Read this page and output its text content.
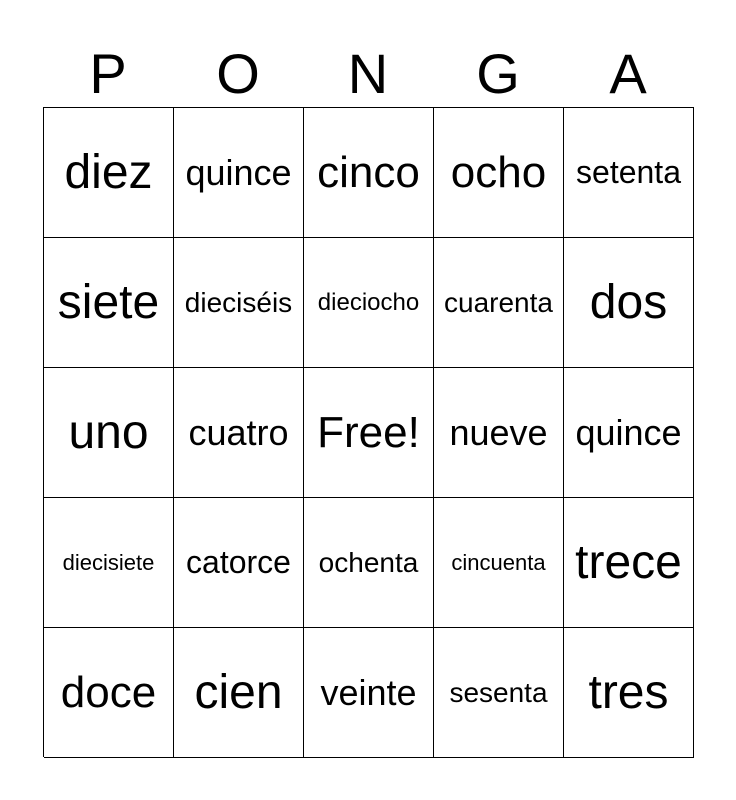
P	O	N	G	A
diez quince cinco ocho setenta
siete dieciséis dieciocho cuarenta dos
uno cuatro Free! nueve quince
diecisiete catorce ochenta cincuenta trece
doce cien veinte sesenta tres
